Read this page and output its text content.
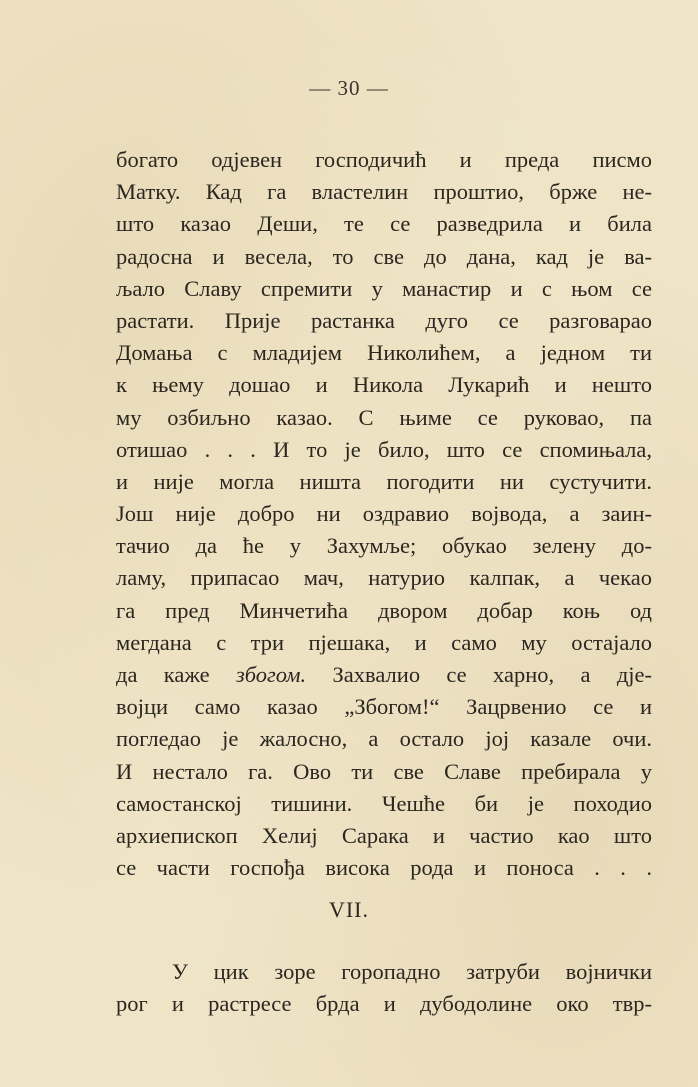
— 30 —
богато одјевен господичић и преда писмо
Матку. Кад га властелин проштио, брже не-
што казао Деши, те се разведрила и била
радосна и весела, то све до дана, кад је ва-
љало Славу спремити у манастир и с њом се
растати. Прије растанка дуго се разговарао
Домања с младијем Николићем, а једном ти
к њему дошао и Никола Лукарић и нешто
му озбиљно казао. С њиме се руковао, па
отишао . . . И то је било, што се спомињала,
и није могла ништа погодити ни сустучити.
Још није добро ни оздравио војвода, а заин-
тачио да ће у Захумље; обукао зелену до-
ламу, припасао мач, натурио калпак, а чекао
га пред Минчетића двором добар коњ од
мегдана с три пјешака, и само му остајало
да каже збогом. Захвалио се харно, а дје-
војци само казао „Збогом!“ Зацрвенио се и
погледао је жалосно, а остало јој казале очи.
И нестало га. Ово ти све Славе пребирала у
самостанској тишини. Чешће би је походио
архиепископ Хелиј Сарака и частио као што
се части госпођа висока рода и поноса . . .
VII.
У цик зоре горопадно затруби војнички
рог и растресе брда и дубодолине око твр-
